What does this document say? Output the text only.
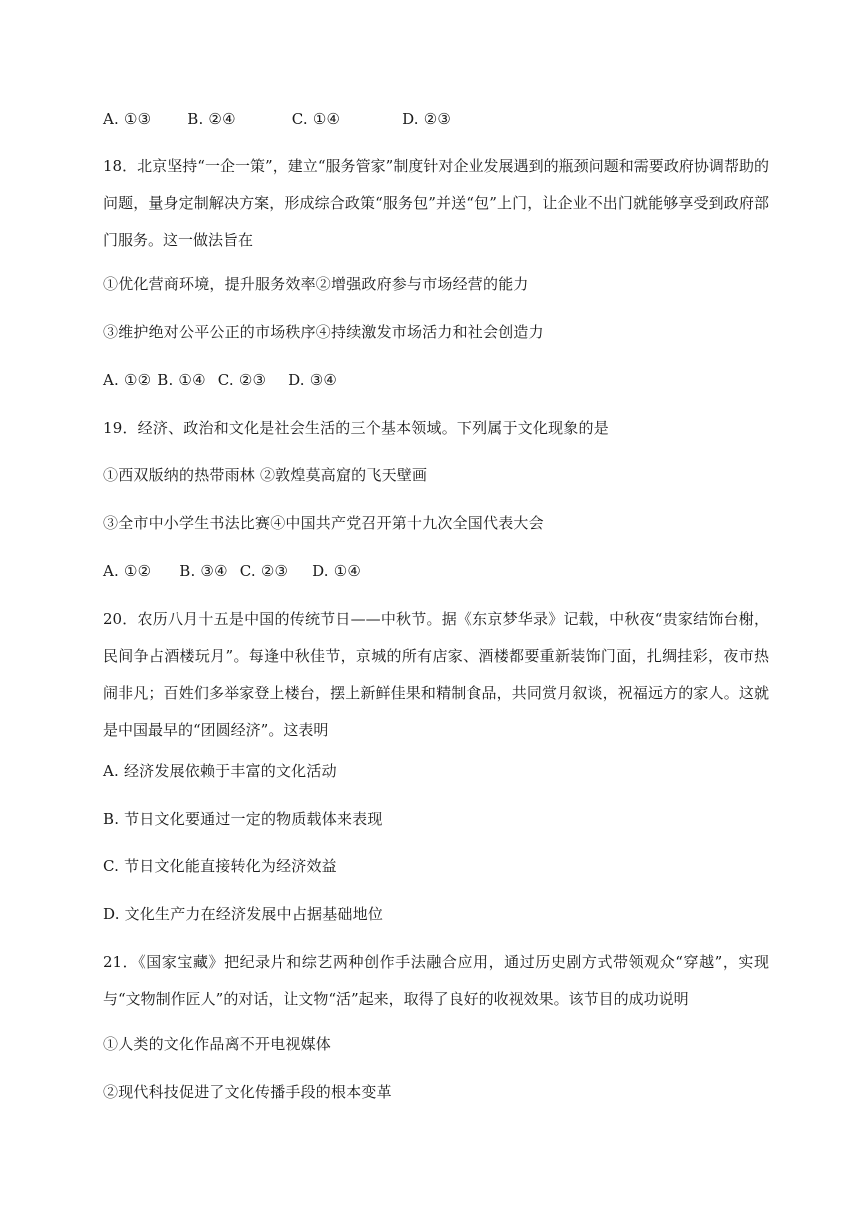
A. ①③ B. ②④	C. ①④	D. ②③
18．北京坚持“一企一策”，建立“服务管家”制度针对企业发展遇到的瓶颈问题和需要政府协调帮助的问题，量身定制解决方案，形成综合政策“服务包”并送“包”上门，让企业不出门就能够享受到政府部门服务。这一做法旨在
①优化营商环境，提升服务效率②增强政府参与市场经营的能力
③维护绝对公平公正的市场秩序④持续激发市场活力和社会创造力
A. ①② B. ①④ C. ②③ D. ③④
19．经济、政治和文化是社会生活的三个基本领域。下列属于文化现象的是
①西双版纳的热带雨林 ②敦煌莫高窟的飞天壁画
③全市中小学生书法比赛④中国共产党召开第十九次全国代表大会
A. ①② B. ③④ C. ②③ D. ①④
20．农历八月十五是中国的传统节日——中秋节。据《东京梦华录》记载，中秋夜“贵家结饰台榭，民间争占酒楼玩月”。每逢中秋佳节，京城的所有店家、酒楼都要重新装饰门面，扎绸挂彩，夜市热闹非凡；百姓们多举家登上楼台，摆上新鲜佳果和精制食品，共同赏月叙谈，祝福远方的家人。这就是中国最早的“团圆经济”。这表明
A. 经济发展依赖于丰富的文化活动
B. 节日文化要通过一定的物质载体来表现
C. 节日文化能直接转化为经济效益
D. 文化生产力在经济发展中占据基础地位
21．《国家宝藏》把纪录片和综艺两种创作手法融合应用，通过历史剧方式带领观众“穿越”，实现与“文物制作匠人”的对话，让文物“活”起来，取得了良好的收视效果。该节目的成功说明
①人类的文化作品离不开电视媒体
②现代科技促进了文化传播手段的根本变革
